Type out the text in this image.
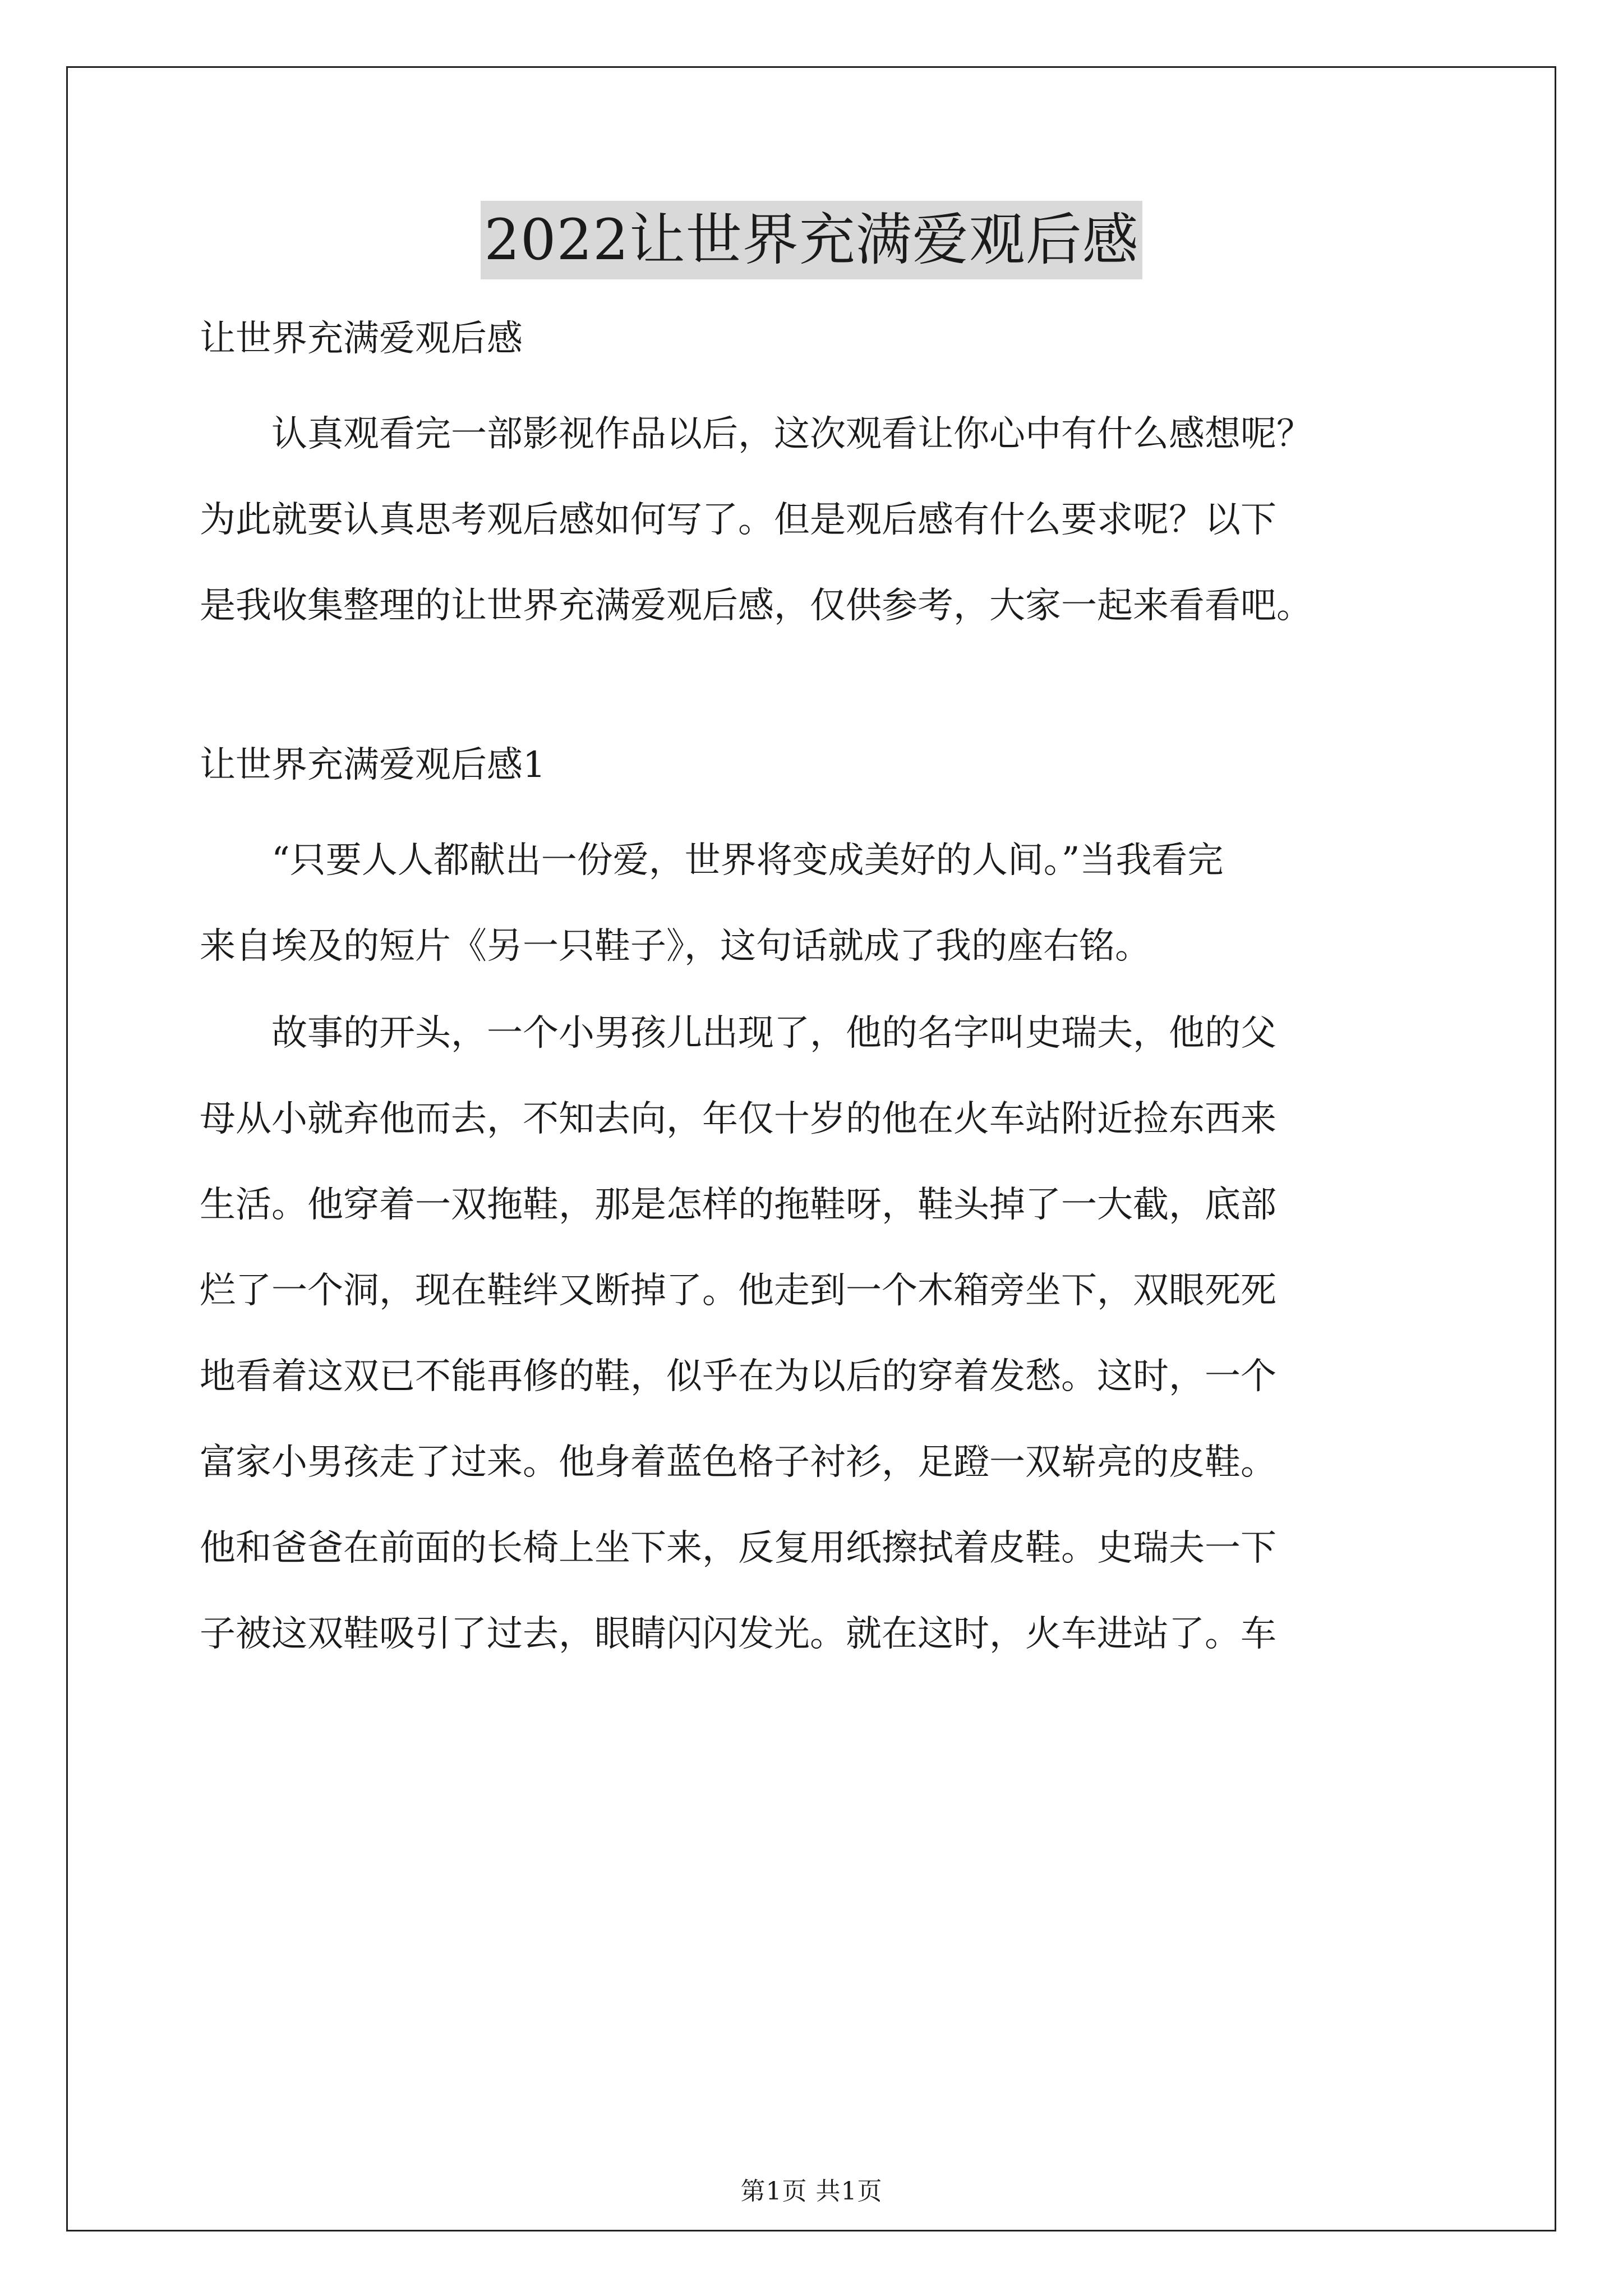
2022让世界充满爱观后感
让世界充满爱观后感
认真观看完一部影视作品以后，这次观看让你心中有什么感想呢？
为此就要认真思考观后感如何写了。但是观后感有什么要求呢？以下
是我收集整理的让世界充满爱观后感，仅供参考，大家一起来看看吧。
让世界充满爱观后感1
“只要人人都献出一份爱，世界将变成美好的人间。”当我看完
来自埃及的短片《另一只鞋子》，这句话就成了我的座右铭。
故事的开头，一个小男孩儿出现了，他的名字叫史瑞夫，他的父
母从小就弃他而去，不知去向，年仅十岁的他在火车站附近捡东西来
生活。他穿着一双拖鞋，那是怎样的拖鞋呀，鞋头掉了一大截，底部
烂了一个洞，现在鞋绊又断掉了。他走到一个木箱旁坐下，双眼死死
地看着这双已不能再修的鞋，似乎在为以后的穿着发愁。这时，一个
富家小男孩走了过来。他身着蓝色格子衬衫，足蹬一双崭亮的皮鞋。
他和爸爸在前面的长椅上坐下来，反复用纸擦拭着皮鞋。史瑞夫一下
子被这双鞋吸引了过去，眼睛闪闪发光。就在这时，火车进站了。车
第1页 共1页
